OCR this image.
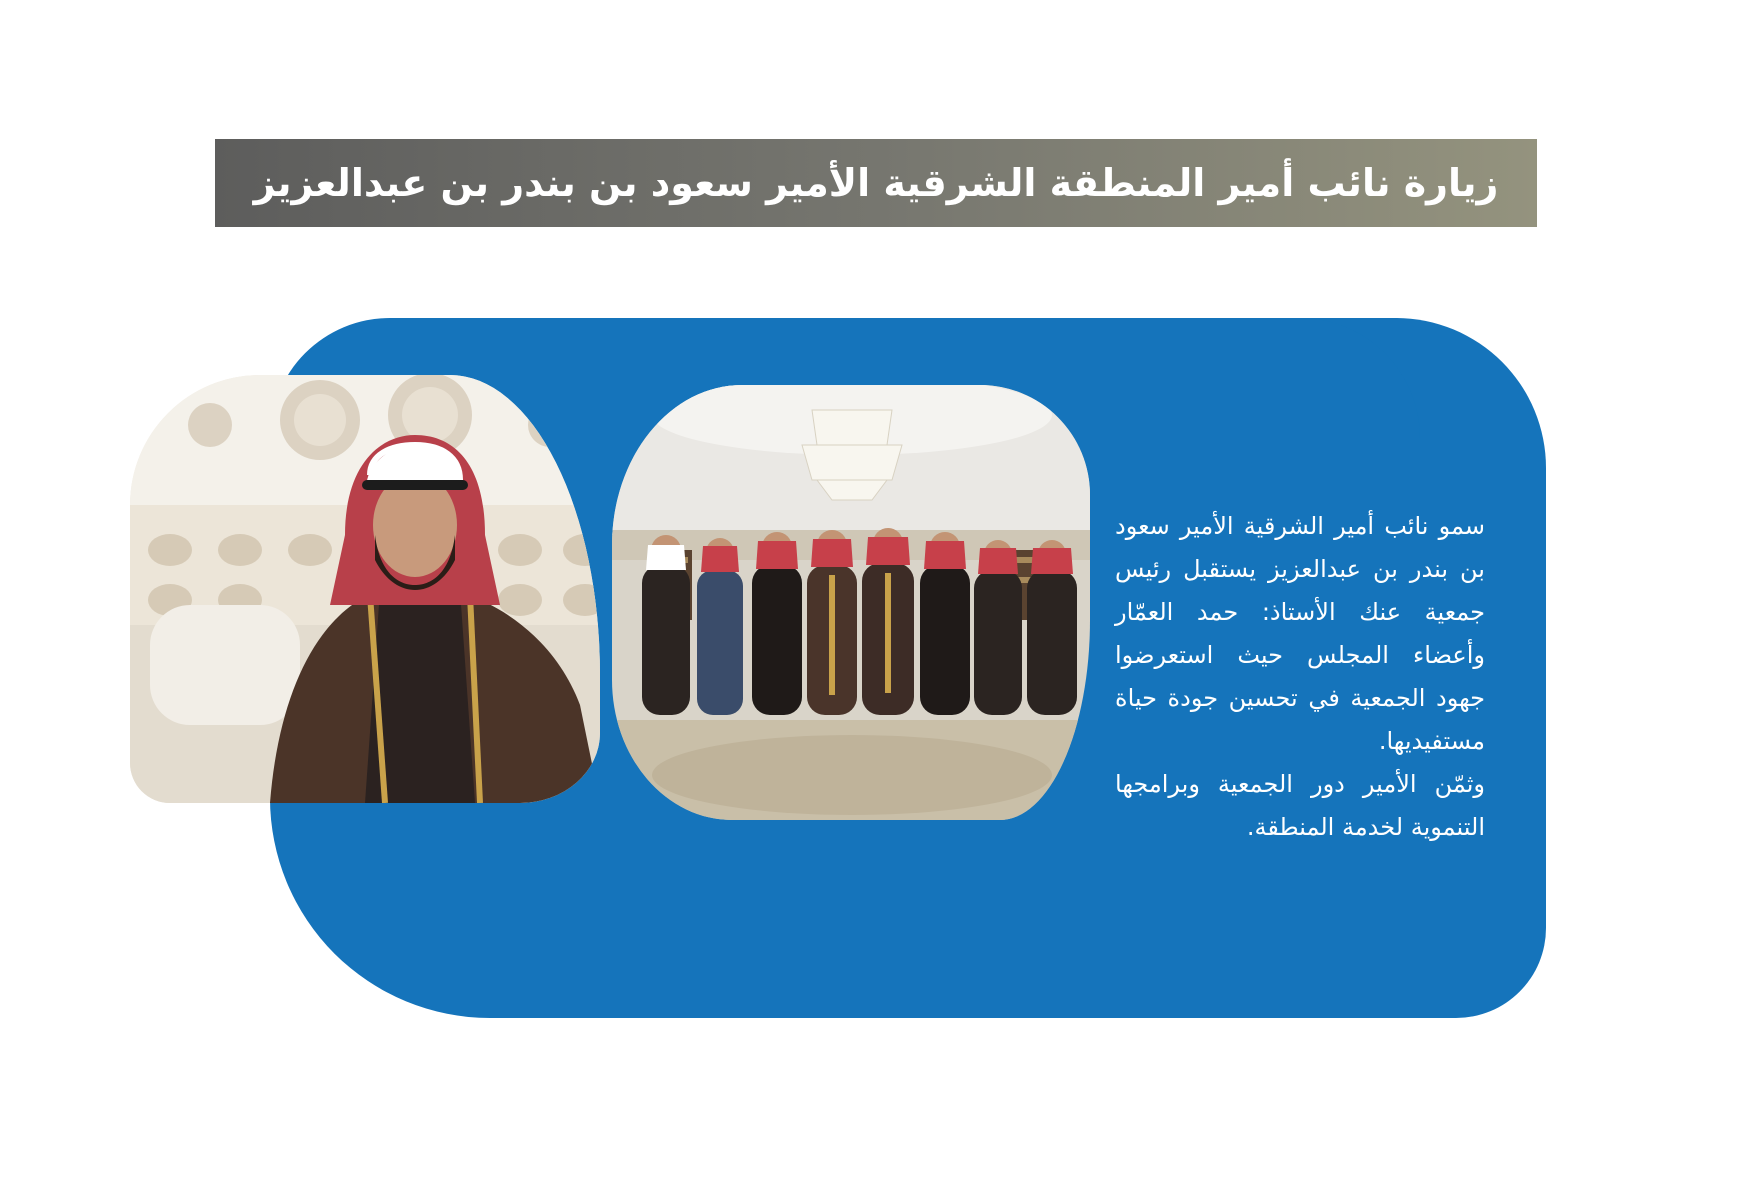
زيارة نائب أمير المنطقة الشرقية الأمير سعود بن بندر بن عبدالعزيز

سمو نائب أمير الشرقية الأمير سعود بن بندر بن عبدالعزيز يستقبل رئيس جمعية عنك الأستاذ: حمد العمّار وأعضاء المجلس حيث استعرضوا جهود الجمعية في تحسين جودة حياة مستفيديها.

وثمّن الأمير دور الجمعية وبرامجها التنموية لخدمة المنطقة.
